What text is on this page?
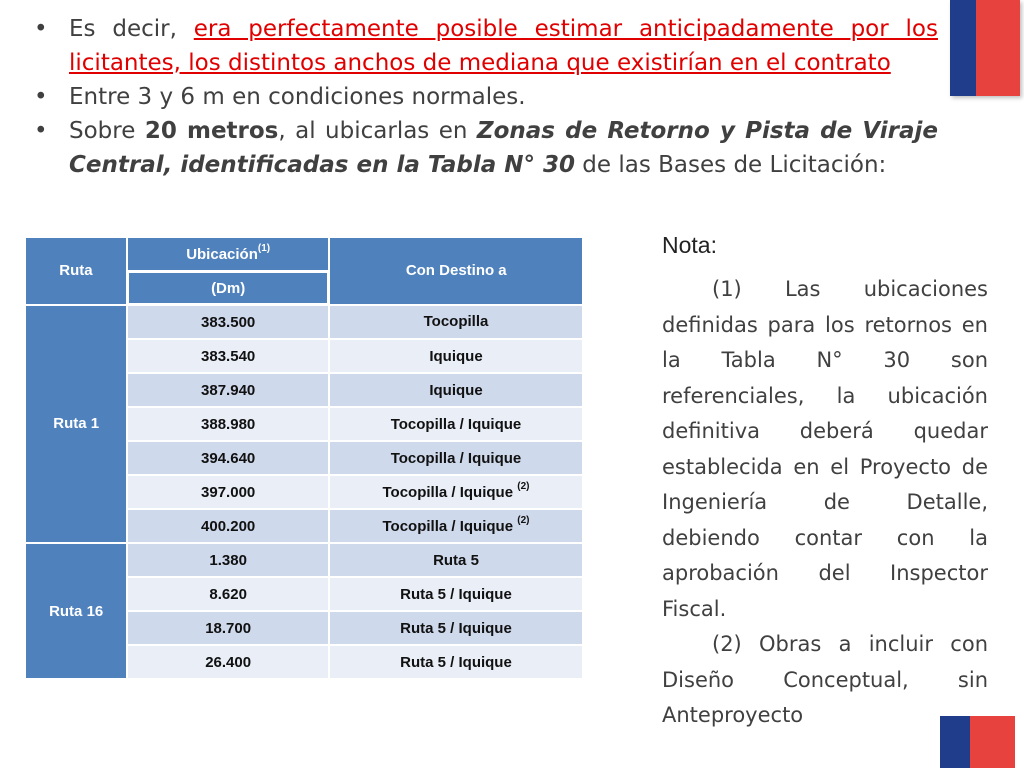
• Es decir, era perfectamente posible estimar anticipadamente por los licitantes, los distintos anchos de mediana que existirían en el contrato
• Entre 3 y 6 m en condiciones normales.
• Sobre 20 metros, al ubicarlas en Zonas de Retorno y Pista de Viraje Central, identificadas en la Tabla N° 30 de las Bases de Licitación:
Ruta	Ubicación$^{(1)}$	Con Destino a
	(Dm)	
Ruta 1	383.500	Tocopilla
	383.540	Iquique
	387.940	Iquique
	388.980	Tocopilla / Iquique
	394.640	Tocopilla / Iquique
	397.000	Tocopilla / Iquique $^{(2)}$
	400.200	Tocopilla / Iquique $^{(2)}$
Ruta 16	1.380	Ruta 5
	8.620	Ruta 5 / Iquique
	18.700	Ruta 5 / Iquique
	26.400	Ruta 5 / Iquique
Nota:

(1) Las ubicaciones definidas para los retornos en la Tabla N° 30 son referenciales, la ubicación definitiva deberá quedar establecida en el Proyecto de Ingeniería de Detalle, debiendo contar con la aprobación del Inspector Fiscal.

(2) Obras a incluir con Diseño Conceptual, sin Anteproyecto
